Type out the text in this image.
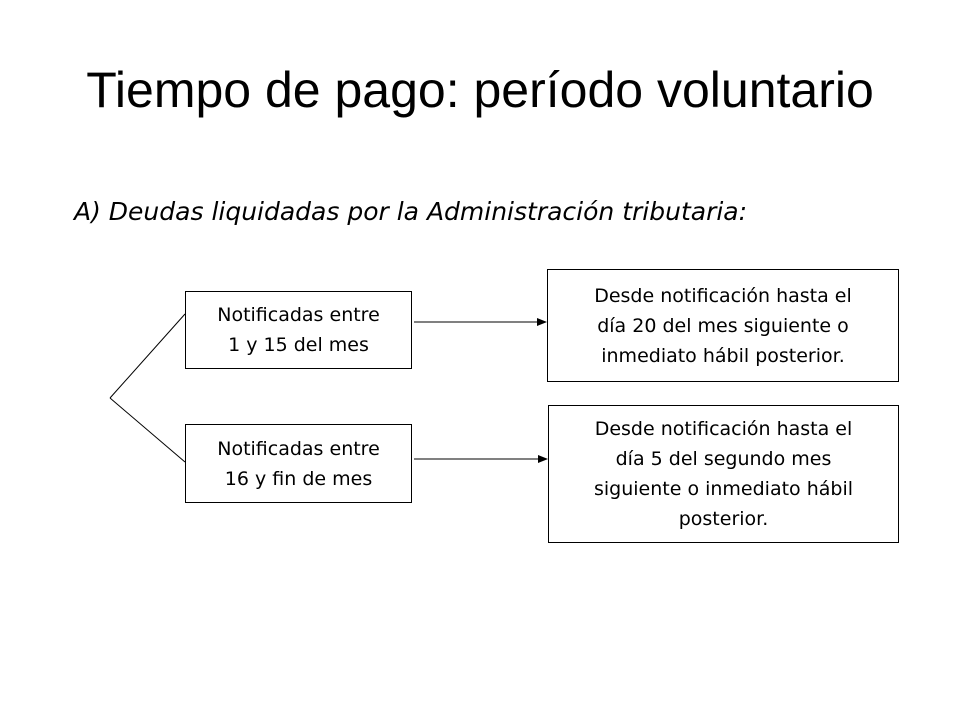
Tiempo de pago: período voluntario
A) Deudas liquidadas por la Administración tributaria:
Notificadas entre
1 y 15 del mes
Notificadas entre
16 y fin de mes
Desde notificación hasta el
día 20 del mes siguiente o
inmediato hábil posterior.
Desde notificación hasta el
día 5 del segundo mes
siguiente o inmediato hábil
posterior.
